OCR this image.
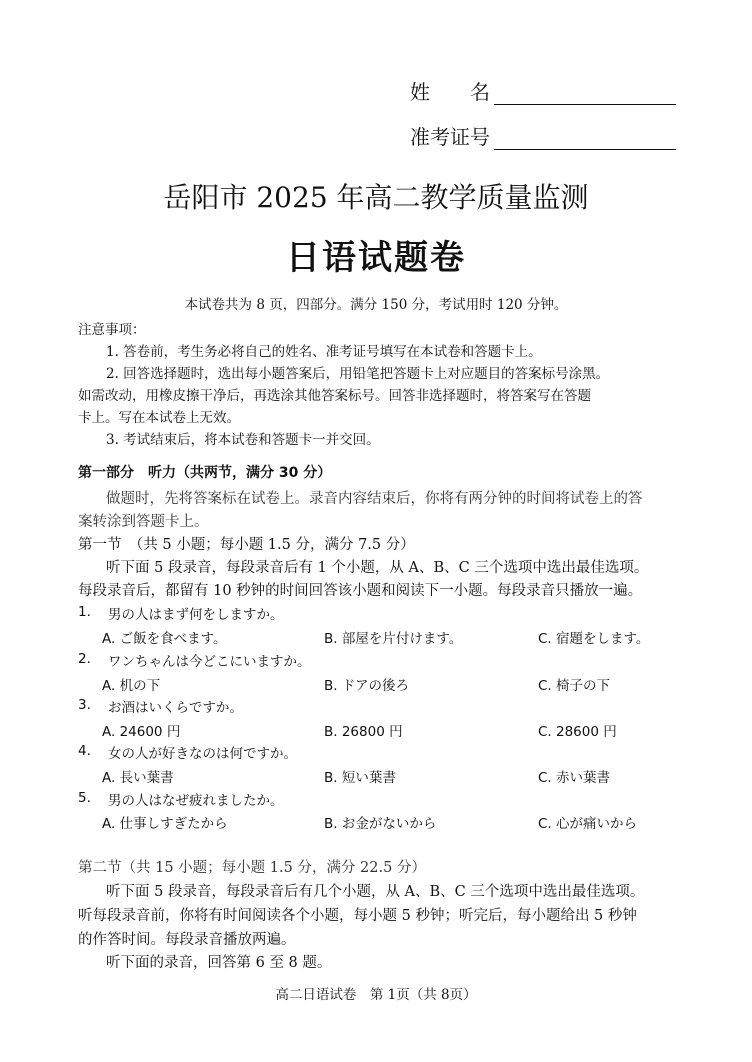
姓　　名
准考证号
岳阳市 2025 年高二教学质量监测
日语试题卷
本试卷共为 8 页，四部分。满分 150 分，考试用时 120 分钟。
注意事项：
1. 答卷前，考生务必将自己的姓名、准考证号填写在本试卷和答题卡上。
2. 回答选择题时，选出每小题答案后，用铅笔把答题卡上对应题目的答案标号涂黑。
如需改动，用橡皮擦干净后，再选涂其他答案标号。回答非选择题时，将答案写在答题
卡上。写在本试卷上无效。
3. 考试结束后，将本试卷和答题卡一并交回。
第一部分　听力（共两节，满分 30 分）
做题时，先将答案标在试卷上。录音内容结束后，你将有两分钟的时间将试卷上的答
案转涂到答题卡上。
第一节　（共 5 小题；每小题 1.5 分，满分 7.5 分）
听下面 5 段录音，每段录音后有 1 个小题，从 A、B、C 三个选项中选出最佳选项。
每段录音后，都留有 10 秒钟的时间回答该小题和阅读下一小题。每段录音只播放一遍。
1. 男の人はまず何をしますか。
A. ご飯を食べます。	B. 部屋を片付けます。	C. 宿題をします。
2. ワンちゃんは今どこにいますか。
A. 机の下	B. ドアの後ろ	C. 椅子の下
3. お酒はいくらですか。
A. 24600 円	B. 26800 円	C. 28600 円
4. 女の人が好きなのは何ですか。
A. 長い葉書	B. 短い葉書	C. 赤い葉書
5. 男の人はなぜ疲れましたか。
A. 仕事しすぎたから	B. お金がないから	C. 心が痛いから
第二节（共 15 小题；每小题 1.5 分，满分 22.5 分）
听下面 5 段录音，每段录音后有几个小题，从 A、B、C 三个选项中选出最佳选项。
听每段录音前，你将有时间阅读各个小题，每小题 5 秒钟；听完后，每小题给出 5 秒钟
的作答时间。每段录音播放两遍。
听下面的录音，回答第 6 至 8 题。
高二日语试卷　第 1页（共 8页）
